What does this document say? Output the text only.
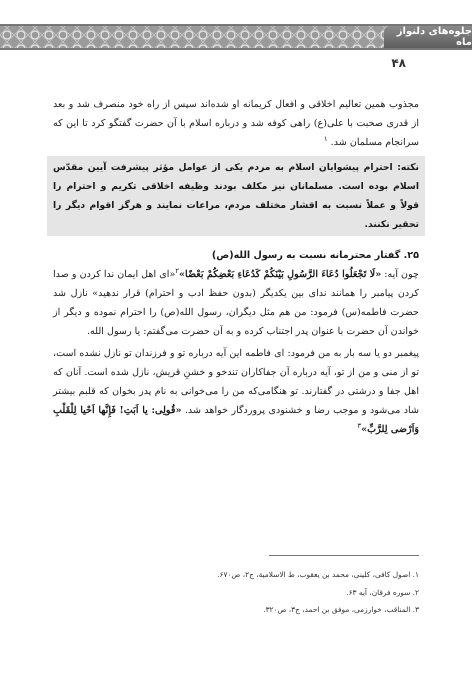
جلوه‌های دلنواز ماه
۴۸

مجذوب همین تعالیم اخلاقی و افعال کریمانه او شده‌اند سپس از راه خود منصرف شد و بعد از قدری صحبت با علی(ع) راهی کوفه شد و درباره اسلام با آن حضرت گفتگو کرد تا این که سرانجام مسلمان شد. $^۱$

نکته: احترام پیشوایان اسلام به مردم یکی از عوامل مؤثر پیشرفت آیین مقدّس اسلام بوده است. مسلمانان نیز مکلف بودند وظیفه اخلاقی تکریم و احترام را قولاً و عملاً نسبت به اقشار مختلف مردم، مراعات نمایند و هرگز اقوام دیگر را تحقیر نکنند.
۲۵. گفتار محترمانه نسبت به رسول الله(ص)

چون آیه: «لَا تَجْعَلُوا دُعَاءَ الرَّسُولِ بَيْنَكُمْ كَدُعَاءِ بَعْضِكُمْ بَعْضًا»$^۲$«اى اهل ایمان ندا کردن و صدا کردن پیامبر را همانند ندای بین یکدیگر (بدون حفظ ادب و احترام) قرار ندهید» نازل شد حضرت فاطمه(س) فرمود: من هم مثل دیگران، رسول الله(ص) را احترام نموده و دیگر از خواندن آن حضرت با عنوان پدر اجتناب کرده و به آن حضرت می‌گفتم: یا رسول الله.

پیغمبر دو یا سه بار به من فرمود: ای فاطمه این آیه درباره تو و فرزندان تو نازل نشده است، تو از منی و من از تو، آیه درباره آن جفاکاران تندخو و خشنِ قریش، نازل شده است. آنان که اهل جفا و درشتی در گفتارند. تو هنگامی‌که من را می‌خوانی به نام پدر بخوان که قلبم بیشتر شاد می‌شود و موجب رضا و خشنودی پروردگار خواهد شد. «قُولِی: یا اَبَتِ! فَإِنَّها اَحْیا لِلْقَلْبِ وَاَرْضی لِلرَّبِّ»$^۳$

۱. اصول کافی، کلینی، محمد بن یعقوب، ط الاسلامیة، ج۲، ص۶۷۰.
۲. سوره فرقان، آیه ۶۳.
۳. المناقب، خوارزمی، موفق بن احمد، ج۳، ص۳۲۰.
